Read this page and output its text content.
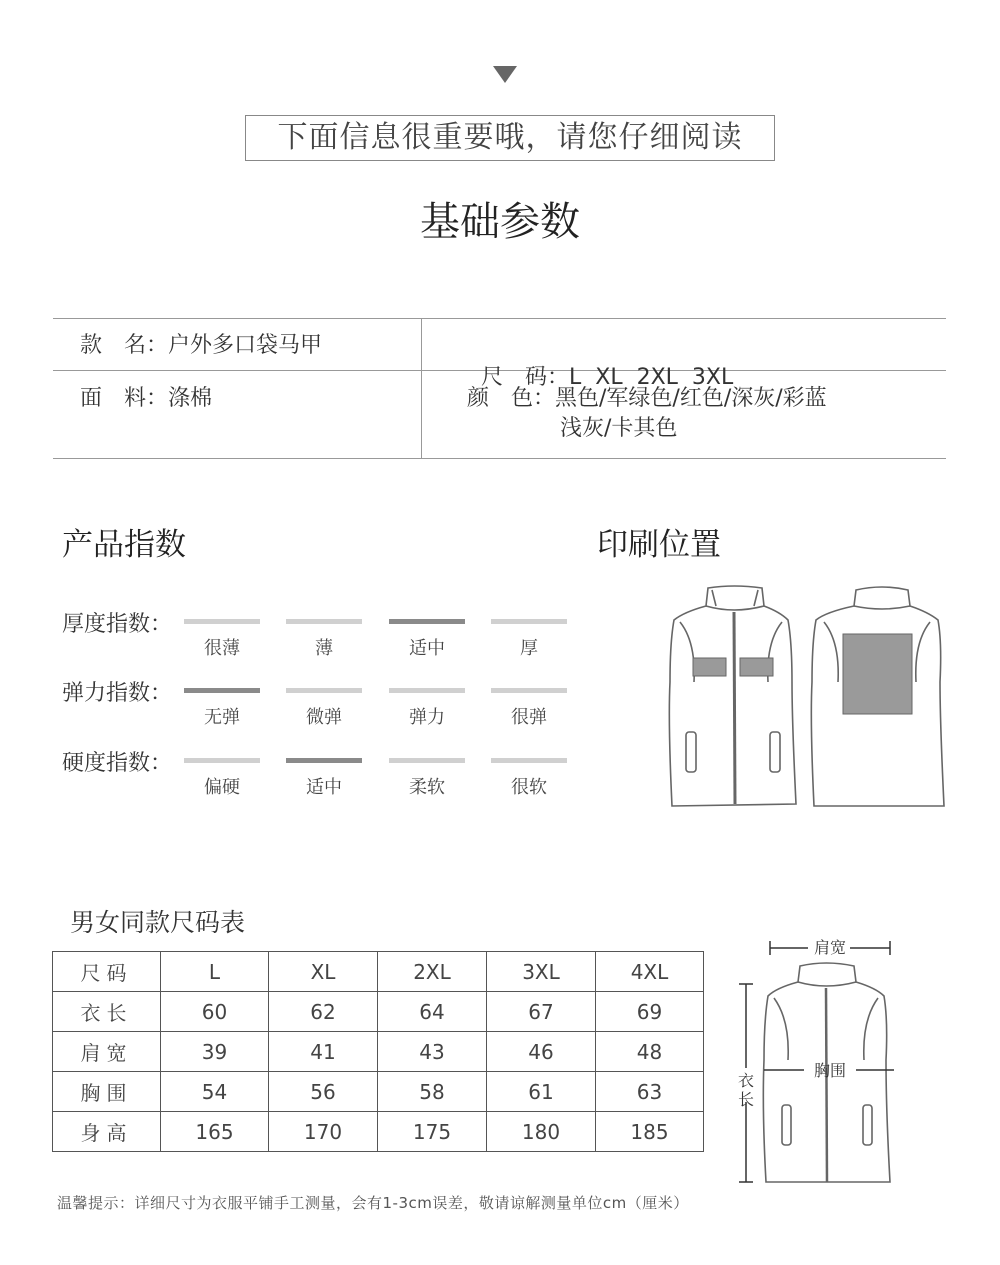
下面信息很重要哦，请您仔细阅读
基础参数
款　名：户外多口袋马甲

尺　码：L  XL  2XL  3XL

面　料：涤棉	颜　色：黑色/军绿色/红色/深灰/彩蓝
浅灰/卡其色
产品指数	印刷位置
厚度指数：
很薄	薄	适中	厚
弹力指数：
无弹	微弹	弹力	很弹
硬度指数：
偏硬	适中	柔软	很软
男女同款尺码表
尺码	L	XL	2XL	3XL	4XL
衣长	60	62	64	67	69
肩宽	39	41	43	46	48
胸围	54	56	58	61	63
身高	165	170	175	180	185
肩宽
胸围
衣
长
温馨提示：详细尺寸为衣服平铺手工测量，会有1-3cm误差，敬请谅解测量单位cm（厘米）
